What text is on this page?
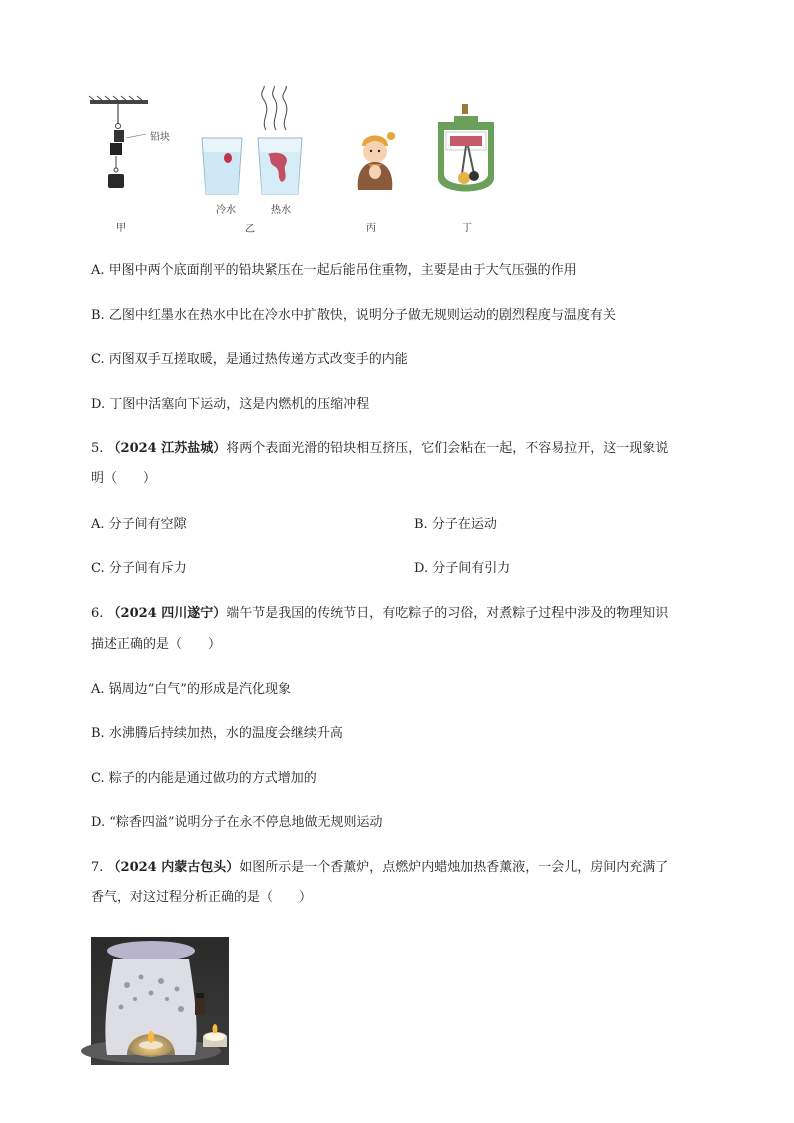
铅块
甲
冷水	热水
乙	丙	丁
A. 甲图中两个底面削平的铅块紧压在一起后能吊住重物，主要是由于大气压强的作用
B. 乙图中红墨水在热水中比在冷水中扩散快，说明分子做无规则运动的剧烈程度与温度有关
C. 丙图双手互搓取暖，是通过热传递方式改变手的内能
D. 丁图中活塞向下运动，这是内燃机的压缩冲程
5. （2024 江苏盐城）将两个表面光滑的铅块相互挤压，它们会粘在一起，不容易拉开，这一现象说
明（　　）
A. 分子间有空隙	B. 分子在运动
C. 分子间有斥力	D. 分子间有引力
6. （2024 四川遂宁）端午节是我国的传统节日，有吃粽子的习俗，对煮粽子过程中涉及的物理知识
描述正确的是（　　）
A. 锅周边“白气”的形成是汽化现象
B. 水沸腾后持续加热，水的温度会继续升高
C. 粽子的内能是通过做功的方式增加的
D. “粽香四溢”说明分子在永不停息地做无规则运动
7. （2024 内蒙古包头）如图所示是一个香薰炉，点燃炉内蜡烛加热香薰液，一会儿，房间内充满了
香气，对这过程分析正确的是（　　）
